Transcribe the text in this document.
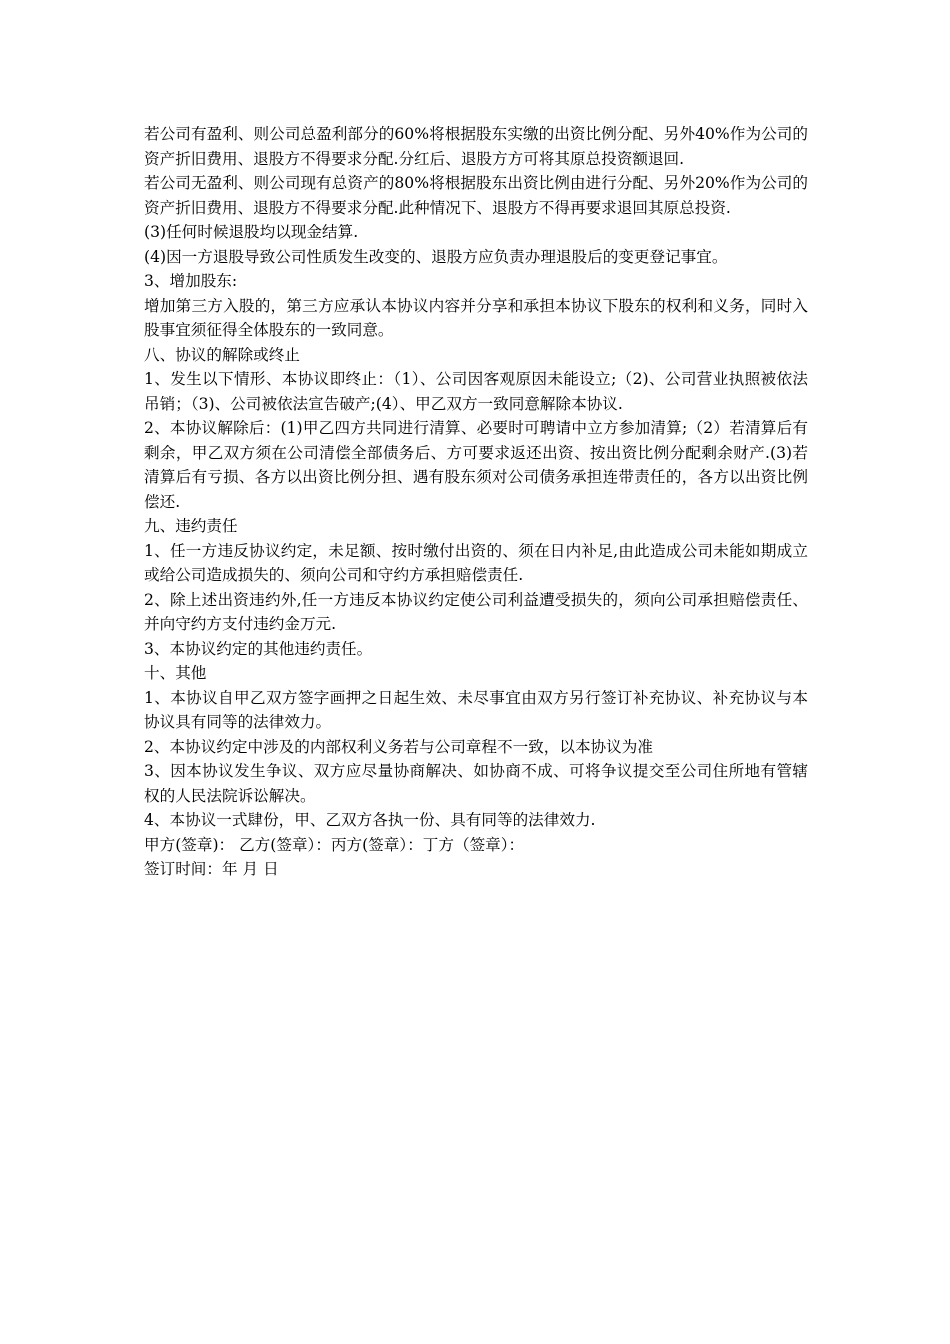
若公司有盈利、则公司总盈利部分的60%将根据股东实缴的出资比例分配、另外40%作为公司的资产折旧费用、退股方不得要求分配.分红后、退股方方可将其原总投资额退回.

若公司无盈利、则公司现有总资产的80%将根据股东出资比例由进行分配、另外20%作为公司的资产折旧费用、退股方不得要求分配.此种情况下、退股方不得再要求退回其原总投资.

(3)任何时候退股均以现金结算.

(4)因一方退股导致公司性质发生改变的、退股方应负责办理退股后的变更登记事宜。

3、增加股东:

增加第三方入股的，第三方应承认本协议内容并分享和承担本协议下股东的权利和义务，同时入股事宜须征得全体股东的一致同意。

八、协议的解除或终止

1、发生以下情形、本协议即终止：（1）、公司因客观原因未能设立;（2)、公司营业执照被依法吊销；（3)、公司被依法宣告破产;(4）、甲乙双方一致同意解除本协议.

2、本协议解除后：(1)甲乙四方共同进行清算、必要时可聘请中立方参加清算;（2）若清算后有剩余，甲乙双方须在公司清偿全部债务后、方可要求返还出资、按出资比例分配剩余财产.(3)若清算后有亏损、各方以出资比例分担、遇有股东须对公司债务承担连带责任的，各方以出资比例偿还.

九、违约责任

1、任一方违反协议约定，未足额、按时缴付出资的、须在日内补足,由此造成公司未能如期成立或给公司造成损失的、须向公司和守约方承担赔偿责任.

2、除上述出资违约外,任一方违反本协议约定使公司利益遭受损失的，须向公司承担赔偿责任、并向守约方支付违约金万元.

3、本协议约定的其他违约责任。

十、其他

1、本协议自甲乙双方签字画押之日起生效、未尽事宜由双方另行签订补充协议、补充协议与本协议具有同等的法律效力。

2、本协议约定中涉及的内部权利义务若与公司章程不一致，以本协议为准

3、因本协议发生争议、双方应尽量协商解决、如协商不成、可将争议提交至公司住所地有管辖权的人民法院诉讼解决。

4、本协议一式肆份，甲、乙双方各执一份、具有同等的法律效力.

甲方(签章)： 乙方(签章）：丙方(签章）：丁方（签章）：

签订时间：年 月 日
